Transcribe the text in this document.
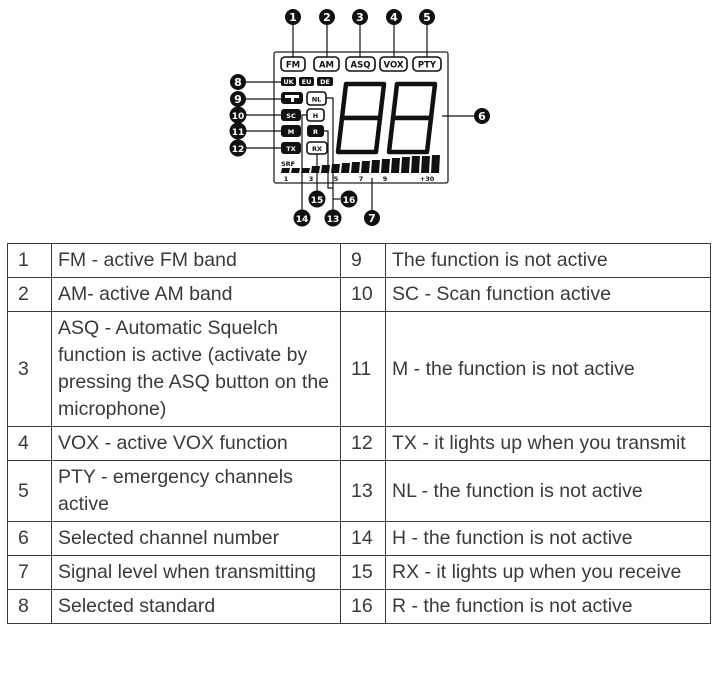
FM AM ASQ VOX PTY
UK EU DE
SC
M
TX
NL
H
R
RX
SRF
1	3	5	7	9	+30
1 2 3 4 5
6
7
8
9
10
11
12
13
14
15 16
1	FM - active FM band	9	The function is not active
2	AM- active AM band	10	SC - Scan function active
3	ASQ - Automatic Squelch function is active (activate by pressing the ASQ button on the microphone)	11	M - the function is not active
4	VOX - active VOX function	12	TX - it lights up when you transmit
5	PTY - emergency channels active	13	NL - the function is not active
6	Selected channel number	14	H - the function is not active
7	Signal level when transmitting	15	RX - it lights up when you receive
8	Selected standard	16	R - the function is not active
